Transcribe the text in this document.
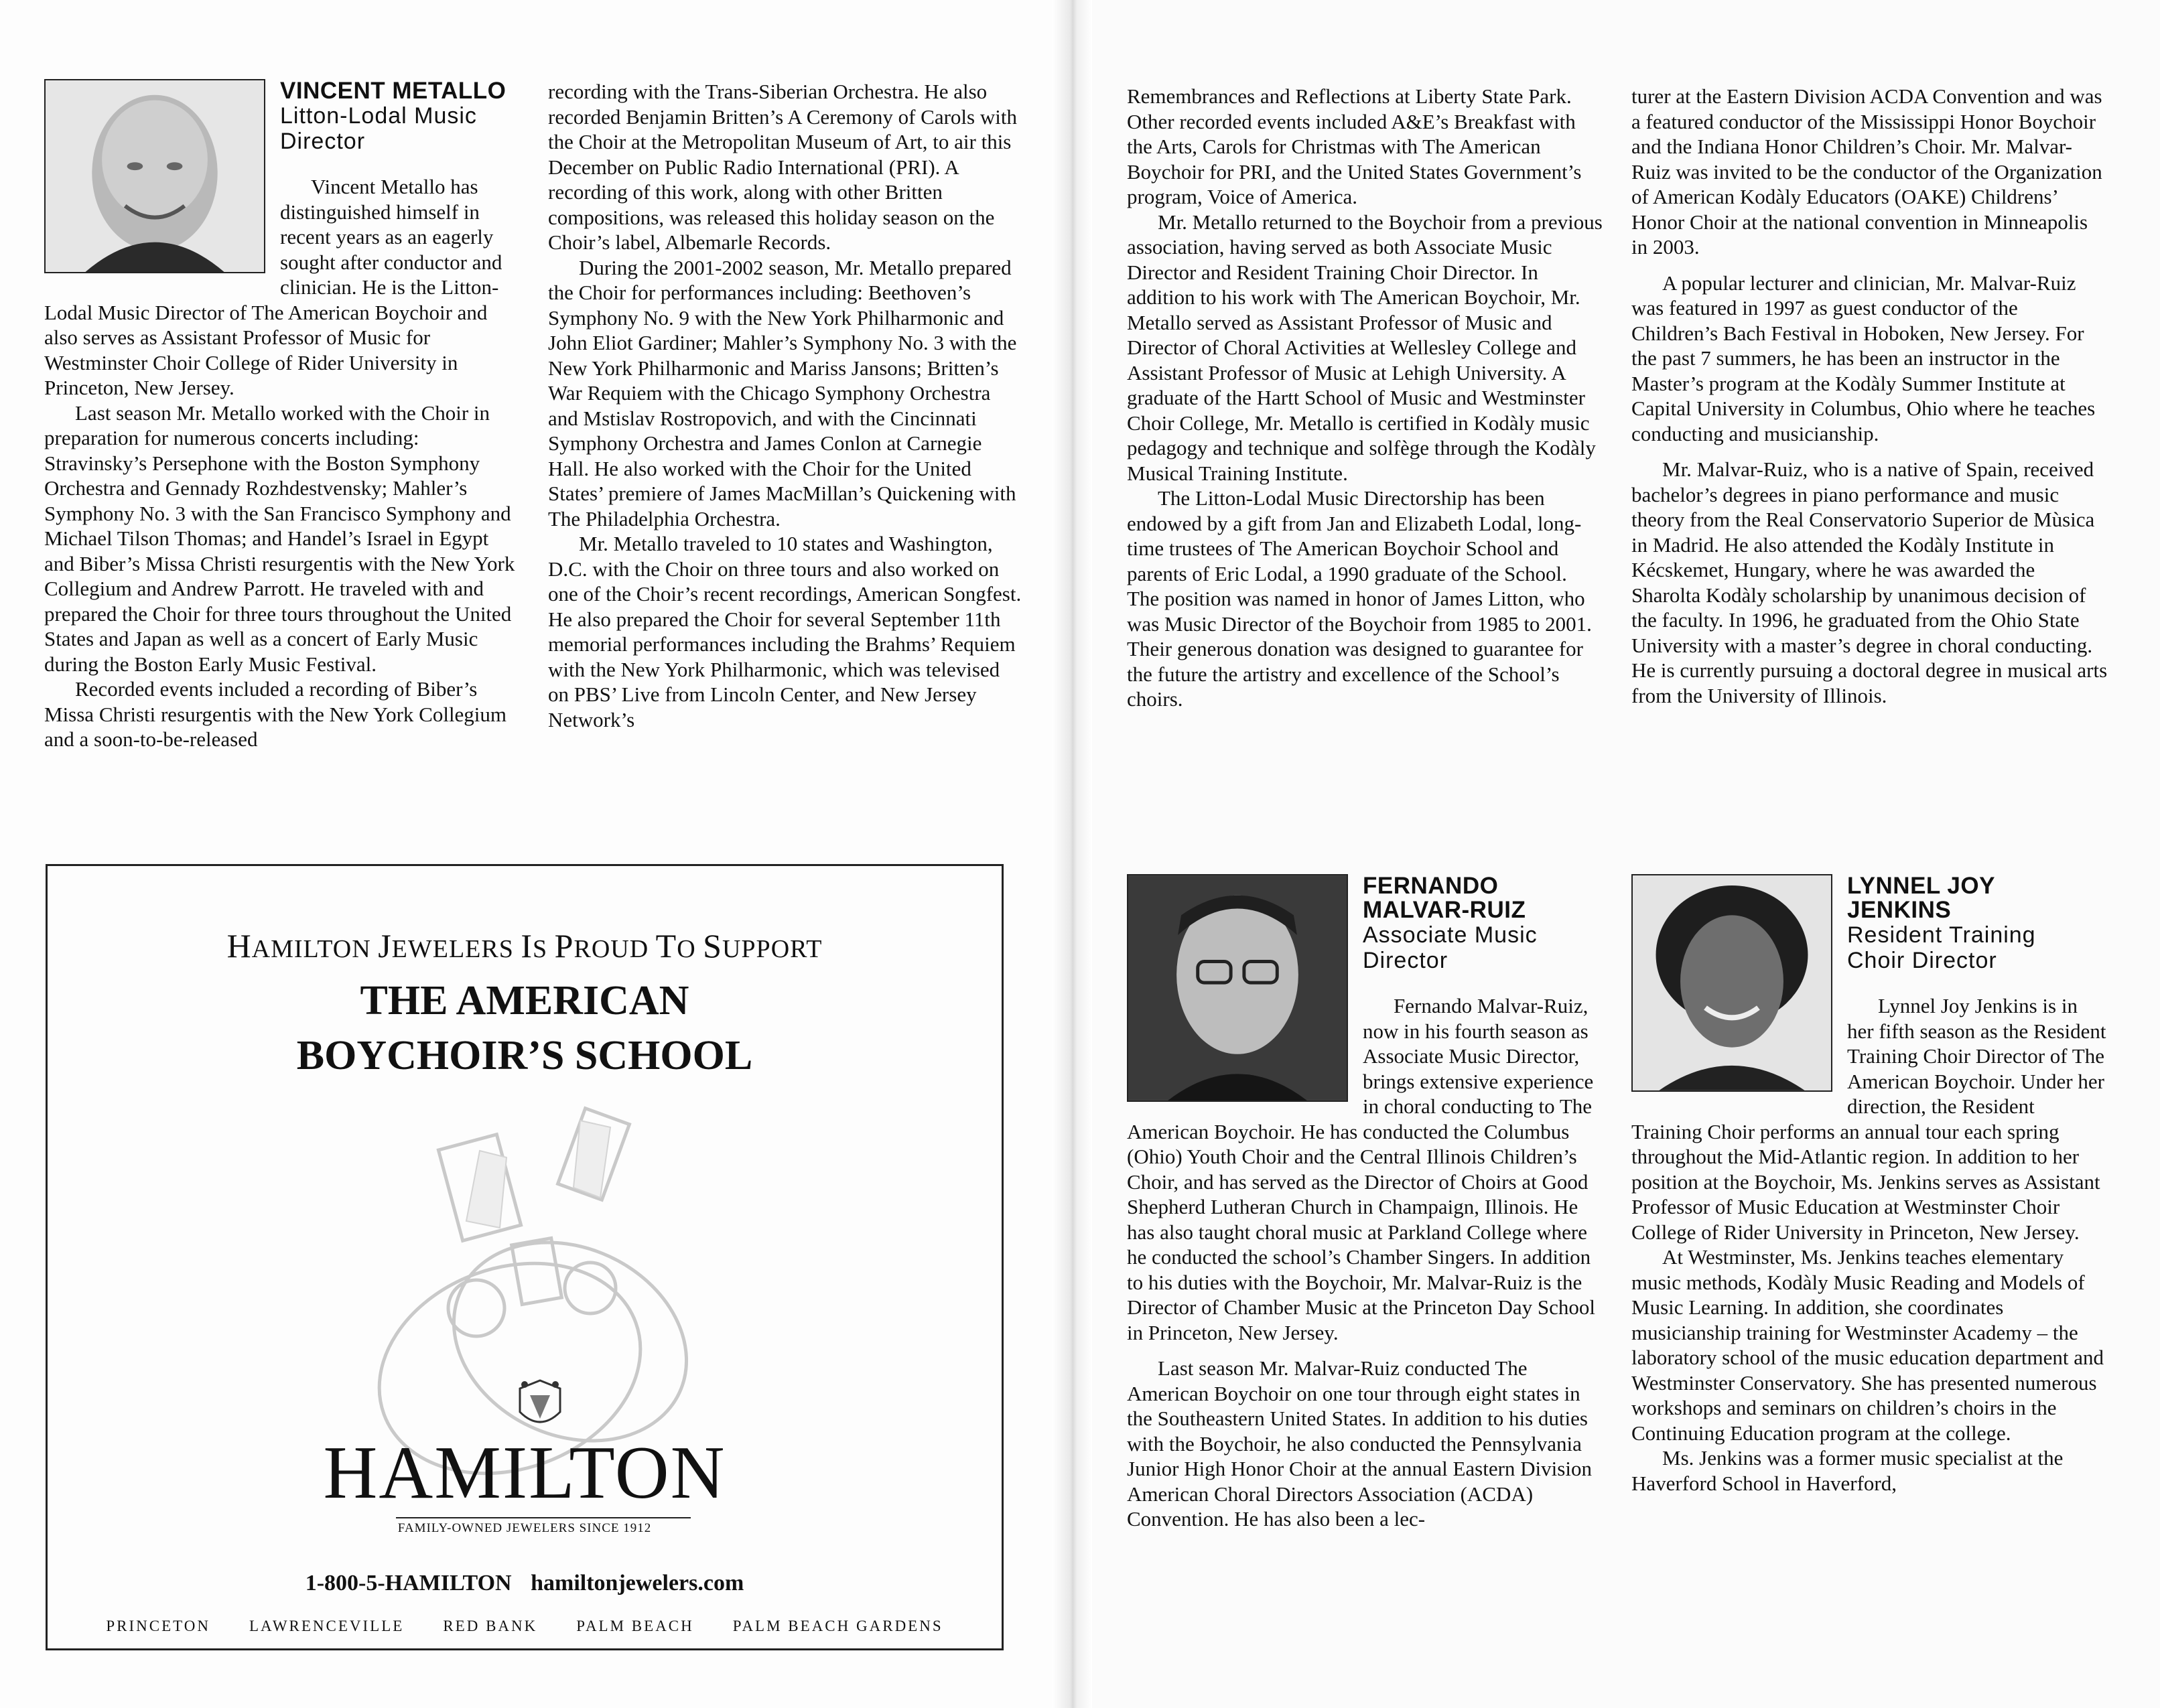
VINCENT METALLO
Litton-Lodal Music
Director

Vincent Metallo has distinguished himself in recent years as an eagerly sought after conductor and clinician. He is the Litton-Lodal Music Director of The American Boychoir and also serves as Assistant Professor of Music for Westminster Choir College of Rider University in Princeton, New Jersey.

Last season Mr. Metallo worked with the Choir in preparation for numerous concerts including: Stravinsky’s Persephone with the Boston Symphony Orchestra and Gennady Rozhdestvensky; Mahler’s Symphony No. 3 with the San Francisco Symphony and Michael Tilson Thomas; and Handel’s Israel in Egypt and Biber’s Missa Christi resurgentis with the New York Collegium and Andrew Parrott. He traveled with and prepared the Choir for three tours throughout the United States and Japan as well as a concert of Early Music during the Boston Early Music Festival.

Recorded events included a recording of Biber’s Missa Christi resurgentis with the New York Collegium and a soon-to-be-released

recording with the Trans-Siberian Orchestra. He also recorded Benjamin Britten’s A Ceremony of Carols with the Choir at the Metropolitan Museum of Art, to air this December on Public Radio International (PRI). A recording of this work, along with other Britten compositions, was released this holiday season on the Choir’s label, Albemarle Records.

During the 2001-2002 season, Mr. Metallo prepared the Choir for performances including: Beethoven’s Symphony No. 9 with the New York Philharmonic and John Eliot Gardiner; Mahler’s Symphony No. 3 with the New York Philharmonic and Mariss Jansons; Britten’s War Requiem with the Chicago Symphony Orchestra and Mstislav Rostropovich, and with the Cincinnati Symphony Orchestra and James Conlon at Carnegie Hall. He also worked with the Choir for the United States’ premiere of James MacMillan’s Quickening with The Philadelphia Orchestra.

Mr. Metallo traveled to 10 states and Washington, D.C. with the Choir on three tours and also worked on one of the Choir’s recent recordings, American Songfest. He also prepared the Choir for several September 11th memorial performances including the Brahms’ Requiem with the New York Philharmonic, which was televised on PBS’ Live from Lincoln Center, and New Jersey Network’s

HAMILTON JEWELERS IS PROUD TO SUPPORT
THE AMERICAN
BOYCHOIR’S SCHOOL
HAMILTON
FAMILY-OWNED JEWELERS SINCE 1912
1-800-5-HAMILTON hamiltonjewelers.com
PRINCETON	LAWRENCEVILLE	RED BANK	PALM BEACH	PALM BEACH GARDENS

Remembrances and Reflections at Liberty State Park. Other recorded events included A&E’s Breakfast with the Arts, Carols for Christmas with The American Boychoir for PRI, and the United States Government’s program, Voice of America.

Mr. Metallo returned to the Boychoir from a previous association, having served as both Associate Music Director and Resident Training Choir Director. In addition to his work with The American Boychoir, Mr. Metallo served as Assistant Professor of Music and Director of Choral Activities at Wellesley College and Assistant Professor of Music at Lehigh University. A graduate of the Hartt School of Music and Westminster Choir College, Mr. Metallo is certified in Kodàly music pedagogy and technique and solfège through the Kodàly Musical Training Institute.

The Litton-Lodal Music Directorship has been endowed by a gift from Jan and Elizabeth Lodal, long-time trustees of The American Boychoir School and parents of Eric Lodal, a 1990 graduate of the School. The position was named in honor of James Litton, who was Music Director of the Boychoir from 1985 to 2001. Their generous donation was designed to guarantee for the future the artistry and excellence of the School’s choirs.

turer at the Eastern Division ACDA Convention and was a featured conductor of the Mississippi Honor Boychoir and the Indiana Honor Children’s Choir. Mr. Malvar-Ruiz was invited to be the conductor of the Organization of American Kodàly Educators (OAKE) Childrens’ Honor Choir at the national convention in Minneapolis in 2003.

A popular lecturer and clinician, Mr. Malvar-Ruiz was featured in 1997 as guest conductor of the Children’s Bach Festival in Hoboken, New Jersey. For the past 7 summers, he has been an instructor in the Master’s program at the Kodàly Summer Institute at Capital University in Columbus, Ohio where he teaches conducting and musicianship.

Mr. Malvar-Ruiz, who is a native of Spain, received bachelor’s degrees in piano performance and music theory from the Real Conservatorio Superior de Mùsica in Madrid. He also attended the Kodàly Institute in Kécskemet, Hungary, where he was awarded the Sharolta Kodàly scholarship by unanimous decision of the faculty. In 1996, he graduated from the Ohio State University with a master’s degree in choral conducting. He is currently pursuing a doctoral degree in musical arts from the University of Illinois.

FERNANDO
MALVAR-RUIZ
Associate Music
Director

Fernando Malvar-Ruiz, now in his fourth season as Associate Music Director, brings extensive experience in choral conducting to The American Boychoir. He has conducted the Columbus (Ohio) Youth Choir and the Central Illinois Children’s Choir, and has served as the Director of Choirs at Good Shepherd Lutheran Church in Champaign, Illinois. He has also taught choral music at Parkland College where he conducted the school’s Chamber Singers. In addition to his duties with the Boychoir, Mr. Malvar-Ruiz is the Director of Chamber Music at the Princeton Day School in Princeton, New Jersey.

Last season Mr. Malvar-Ruiz conducted The American Boychoir on one tour through eight states in the Southeastern United States. In addition to his duties with the Boychoir, he also conducted the Pennsylvania Junior High Honor Choir at the annual Eastern Division American Choral Directors Association (ACDA) Convention. He has also been a lec-

LYNNEL JOY
JENKINS
Resident Training
Choir Director

Lynnel Joy Jenkins is in her fifth season as the Resident Training Choir Director of The American Boychoir. Under her direction, the Resident Training Choir performs an annual tour each spring throughout the Mid-Atlantic region. In addition to her position at the Boychoir, Ms. Jenkins serves as Assistant Professor of Music Education at Westminster Choir College of Rider University in Princeton, New Jersey.

At Westminster, Ms. Jenkins teaches elementary music methods, Kodàly Music Reading and Models of Music Learning. In addition, she coordinates musicianship training for Westminster Academy – the laboratory school of the music education department and Westminster Conservatory. She has presented numerous workshops and seminars on children’s choirs in the Continuing Education program at the college.

Ms. Jenkins was a former music specialist at the Haverford School in Haverford,
